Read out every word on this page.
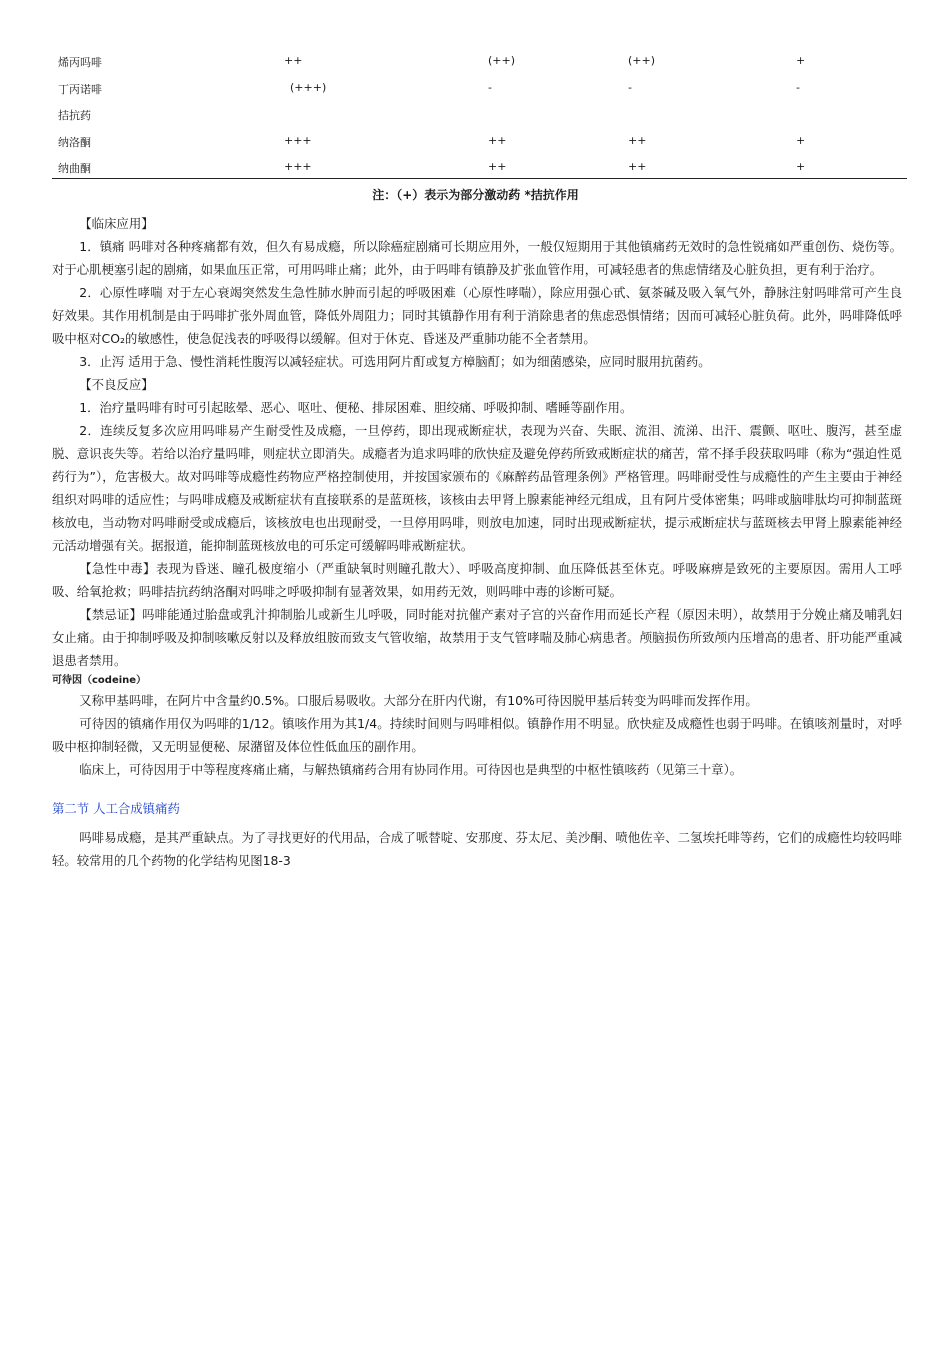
烯丙吗啡	++	(++)	(++)	+
丁丙诺啡	(+++)	-	-	-
拮抗药
纳洛酮	+++	++	++	+
纳曲酮	+++	++	++	+
注：（+）表示为部分激动药 *拮抗作用

【临床应用】

1．镇痛 吗啡对各种疼痛都有效，但久有易成瘾，所以除癌症剧痛可长期应用外，一般仅短期用于其他镇痛药无效时的急性锐痛如严重创伤、烧伤等。对于心肌梗塞引起的剧痛，如果血压正常，可用吗啡止痛；此外，由于吗啡有镇静及扩张血管作用，可减轻患者的焦虑情绪及心脏负担，更有利于治疗。

2．心原性哮喘 对于左心衰竭突然发生急性肺水肿而引起的呼吸困难（心原性哮喘），除应用强心甙、氨茶碱及吸入氧气外，静脉注射吗啡常可产生良好效果。其作用机制是由于吗啡扩张外周血管，降低外周阻力；同时其镇静作用有利于消除患者的焦虑恐惧情绪；因而可减轻心脏负荷。此外，吗啡降低呼吸中枢对CO₂的敏感性，使急促浅表的呼吸得以缓解。但对于休克、昏迷及严重肺功能不全者禁用。

3．止泻 适用于急、慢性消耗性腹泻以减轻症状。可选用阿片酊或复方樟脑酊；如为细菌感染，应同时服用抗菌药。

【不良反应】

1．治疗量吗啡有时可引起眩晕、恶心、呕吐、便秘、排尿困难、胆绞痛、呼吸抑制、嗜睡等副作用。

2．连续反复多次应用吗啡易产生耐受性及成瘾，一旦停药，即出现戒断症状，表现为兴奋、失眠、流泪、流涕、出汗、震颤、呕吐、腹泻，甚至虚脱、意识丧失等。若给以治疗量吗啡，则症状立即消失。成瘾者为追求吗啡的欣快症及避免停药所致戒断症状的痛苦，常不择手段获取吗啡（称为“强迫性觅药行为”），危害极大。故对吗啡等成瘾性药物应严格控制使用，并按国家颁布的《麻醉药品管理条例》严格管理。吗啡耐受性与成瘾性的产生主要由于神经组织对吗啡的适应性；与吗啡成瘾及戒断症状有直接联系的是蓝斑核，该核由去甲肾上腺素能神经元组成，且有阿片受体密集；吗啡或脑啡肽均可抑制蓝斑核放电，当动物对吗啡耐受或成瘾后，该核放电也出现耐受，一旦停用吗啡，则放电加速，同时出现戒断症状，提示戒断症状与蓝斑核去甲肾上腺素能神经元活动增强有关。据报道，能抑制蓝斑核放电的可乐定可缓解吗啡戒断症状。

【急性中毒】表现为昏迷、瞳孔极度缩小（严重缺氧时则瞳孔散大）、呼吸高度抑制、血压降低甚至休克。呼吸麻痹是致死的主要原因。需用人工呼吸、给氧抢救；吗啡拮抗药纳洛酮对吗啡之呼吸抑制有显著效果，如用药无效，则吗啡中毒的诊断可疑。

【禁忌证】吗啡能通过胎盘或乳汁抑制胎儿或新生儿呼吸，同时能对抗催产素对子宫的兴奋作用而延长产程（原因未明），故禁用于分娩止痛及哺乳妇女止痛。由于抑制呼吸及抑制咳嗽反射以及释放组胺而致支气管收缩，故禁用于支气管哮喘及肺心病患者。颅脑损伤所致颅内压增高的患者、肝功能严重减退患者禁用。

可待因（codeine）

又称甲基吗啡，在阿片中含量约0.5%。口服后易吸收。大部分在肝内代谢，有10%可待因脱甲基后转变为吗啡而发挥作用。

可待因的镇痛作用仅为吗啡的1/12。镇咳作用为其1/4。持续时间则与吗啡相似。镇静作用不明显。欣快症及成瘾性也弱于吗啡。在镇咳剂量时，对呼吸中枢抑制轻微，又无明显便秘、尿潴留及体位性低血压的副作用。

临床上，可待因用于中等程度疼痛止痛，与解热镇痛药合用有协同作用。可待因也是典型的中枢性镇咳药（见第三十章）。

第二节 人工合成镇痛药

吗啡易成瘾，是其严重缺点。为了寻找更好的代用品，合成了哌替啶、安那度、芬太尼、美沙酮、喷他佐辛、二氢埃托啡等药，它们的成瘾性均较吗啡轻。较常用的几个药物的化学结构见图18-3
